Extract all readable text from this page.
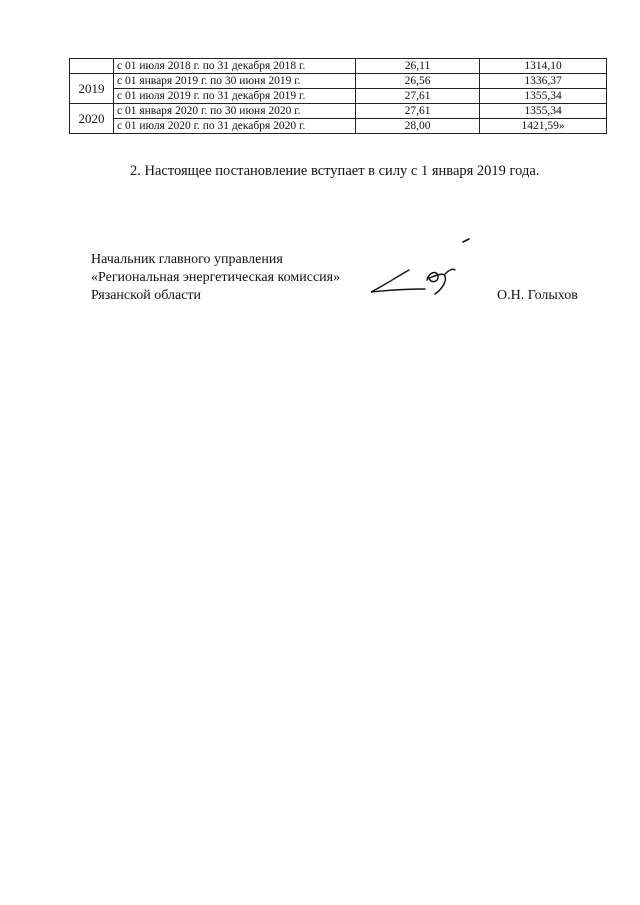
	с 01 июля 2018 г. по 31 декабря 2018 г.	26,11	1314,10
2019	с 01 января 2019 г. по 30 июня 2019 г.	26,56	1336,37
	с 01 июля 2019 г. по 31 декабря 2019 г.	27,61	1355,34
2020	с 01 января 2020 г. по 30 июня 2020 г.	27,61	1355,34
	с 01 июля 2020 г. по 31 декабря 2020 г.	28,00	1421,59»
2. Настоящее постановление вступает в силу с 1 января 2019 года.
Начальник главного управления
«Региональная энергетическая комиссия»
Рязанской области	О.Н. Голыхов
